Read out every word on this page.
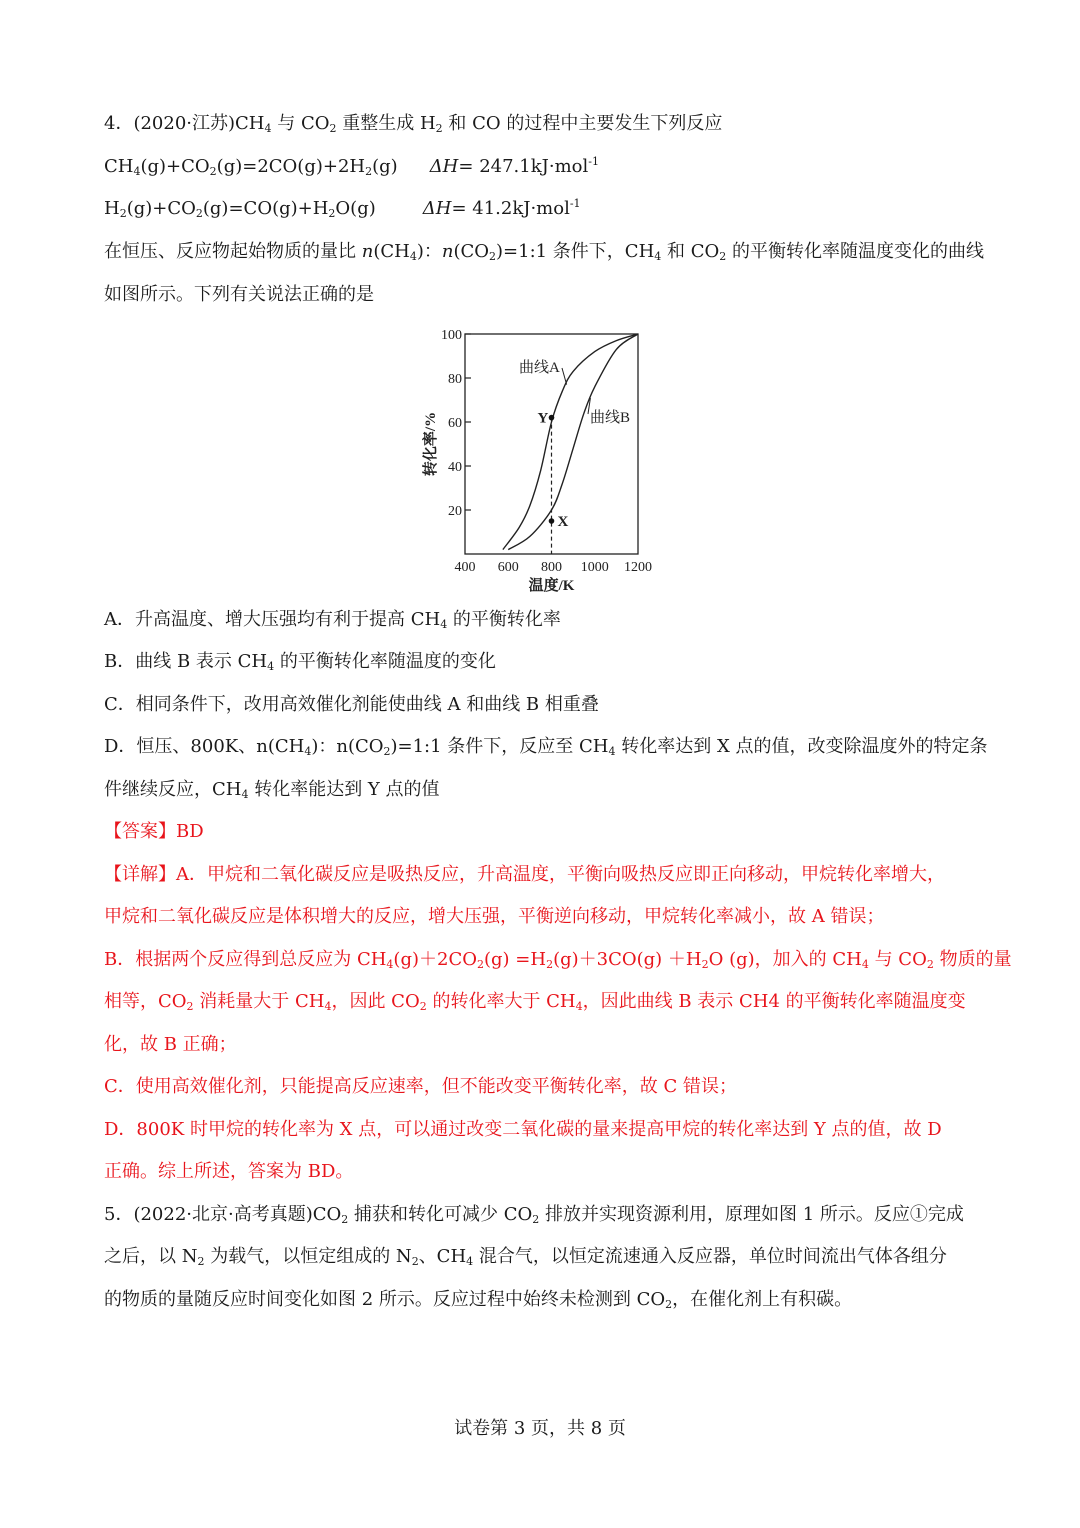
4．(2020·江苏)$CH_4$ 与 $CO_2$ 重整生成 $H_2$ 和 CO 的过程中主要发生下列反应
$CH_4(g)+CO_2(g)=2CO(g)+2H_2(g)$ ΔH= 247.1kJ·mol$^{-1}$
$H_2(g)+CO_2(g)=CO(g)+H_2O(g)$	ΔH= 41.2kJ·mol$^{-1}$
在恒压、反应物起始物质的量比 $n(CH_4)$：$n(CO_2)=1:1$ 条件下，$CH_4$ 和 $CO_2$ 的平衡转化率随温度变化的曲线
如图所示。下列有关说法正确的是
20
40
60
80
100
400 600 800 1000 1200
温度/K
转化率/%
曲线A
曲线B
Y
X
A．升高温度、增大压强均有利于提高 $CH_4$ 的平衡转化率
B．曲线 B 表示 $CH_4$ 的平衡转化率随温度的变化
C．相同条件下，改用高效催化剂能使曲线 A 和曲线 B 相重叠
D．恒压、800K、$n(CH_4)$：$n(CO_2)=1:1$ 条件下，反应至 $CH_4$ 转化率达到 X 点的值，改变除温度外的特定条
件继续反应，$CH_4$ 转化率能达到 Y 点的值
【答案】BD
【详解】A．甲烷和二氧化碳反应是吸热反应，升高温度，平衡向吸热反应即正向移动，甲烷转化率增大，
甲烷和二氧化碳反应是体积增大的反应，增大压强，平衡逆向移动，甲烷转化率减小，故 A 错误；
B．根据两个反应得到总反应为 $CH_4(g)+2CO_2(g) =H_2(g)+3CO(g) +H_2O$ (g)，加入的 $CH_4$ 与 $CO_2$ 物质的量
相等，$CO_2$ 消耗量大于 $CH_4$，因此 $CO_2$ 的转化率大于 $CH_4$，因此曲线 B 表示 CH4 的平衡转化率随温度变
化，故 B 正确；
C．使用高效催化剂，只能提高反应速率，但不能改变平衡转化率，故 C 错误；
D．800K 时甲烷的转化率为 X 点，可以通过改变二氧化碳的量来提高甲烷的转化率达到 Y 点的值，故 D
正确。综上所述，答案为 BD。
5．(2022·北京·高考真题)$CO_2$ 捕获和转化可减少 $CO_2$ 排放并实现资源利用，原理如图 1 所示。反应①完成
之后，以 $N_2$ 为载气，以恒定组成的 $N_2$、$CH_4$ 混合气，以恒定流速通入反应器，单位时间流出气体各组分
的物质的量随反应时间变化如图 2 所示。反应过程中始终未检测到 $CO_2$，在催化剂上有积碳。
试卷第 3 页，共 8 页
